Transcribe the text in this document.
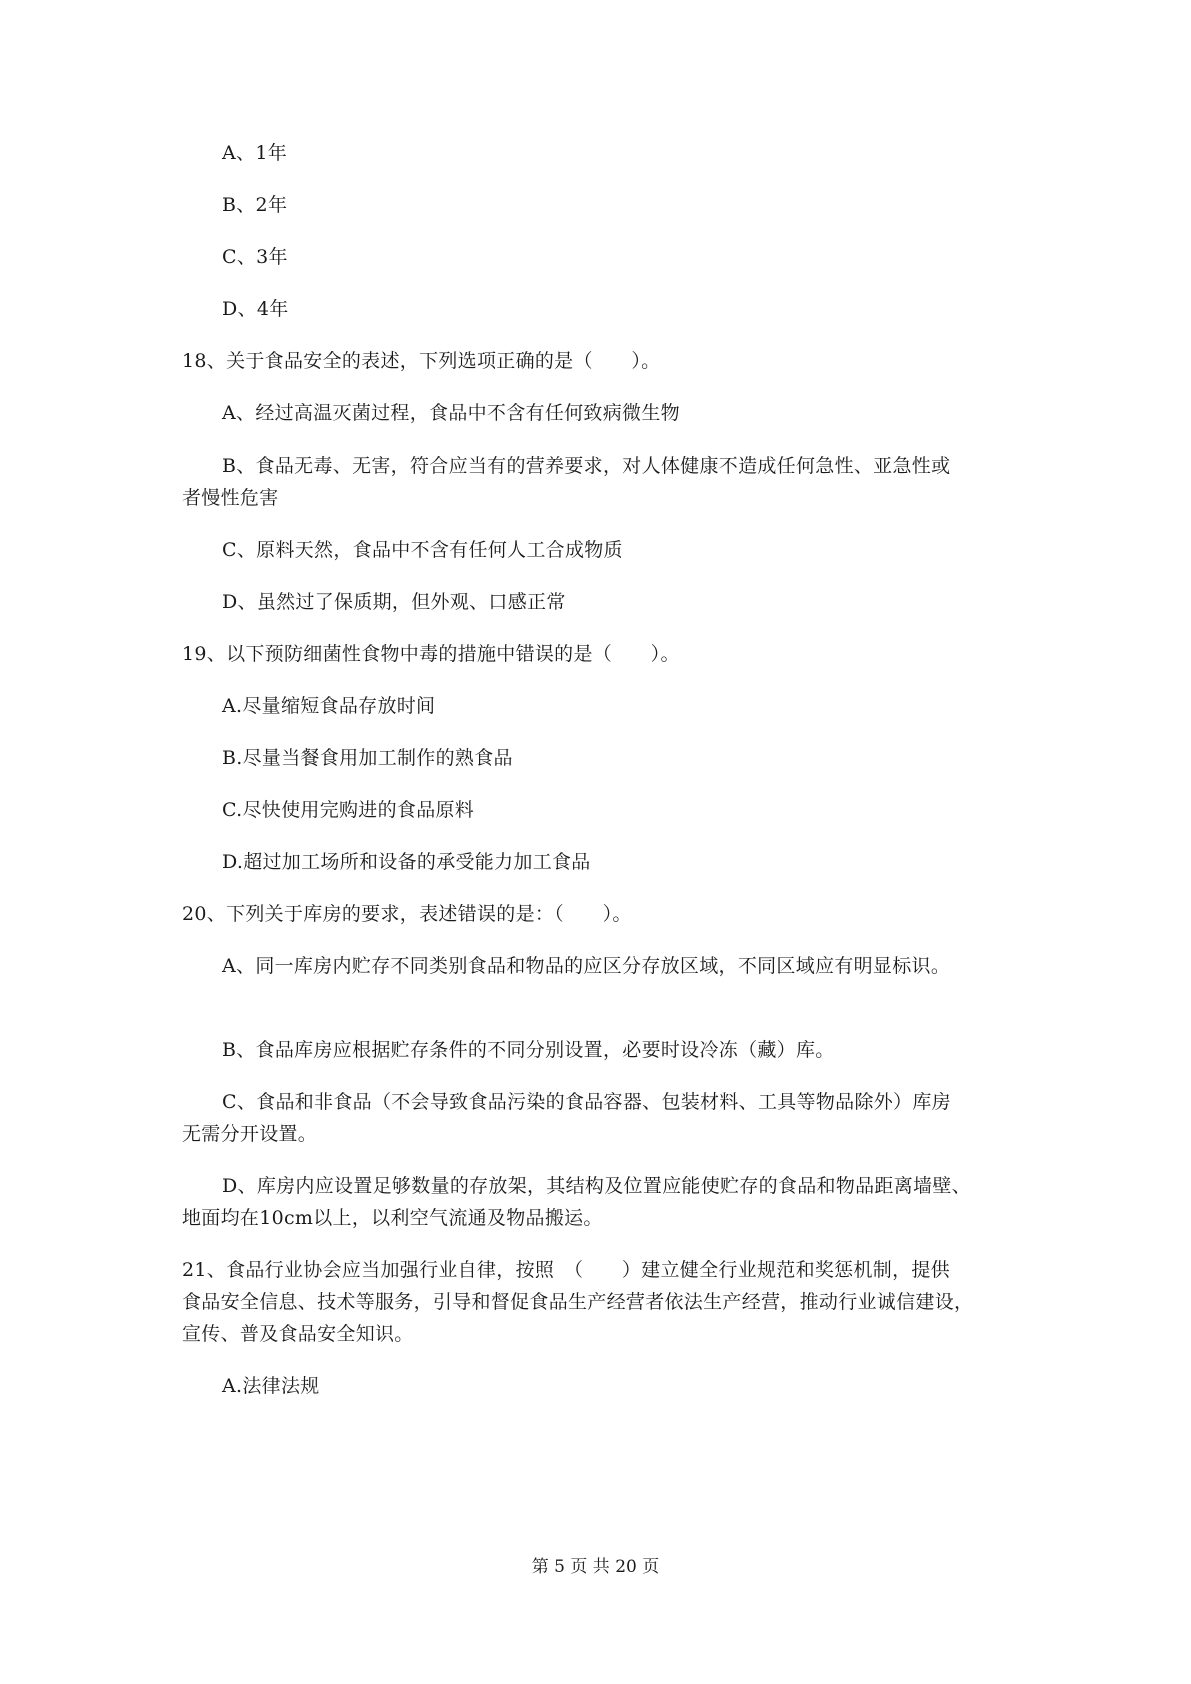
A、1年
B、2年
C、3年
D、4年
18、关于食品安全的表述，下列选项正确的是（　　）。
A、经过高温灭菌过程，食品中不含有任何致病微生物
B、食品无毒、无害，符合应当有的营养要求，对人体健康不造成任何急性、亚急性或
者慢性危害
C、原料天然，食品中不含有任何人工合成物质
D、虽然过了保质期，但外观、口感正常
19、以下预防细菌性食物中毒的措施中错误的是（　　）。
A.尽量缩短食品存放时间
B.尽量当餐食用加工制作的熟食品
C.尽快使用完购进的食品原料
D.超过加工场所和设备的承受能力加工食品
20、下列关于库房的要求，表述错误的是：（　　）。
A、同一库房内贮存不同类别食品和物品的应区分存放区域，不同区域应有明显标识。
B、食品库房应根据贮存条件的不同分别设置，必要时设冷冻（藏）库。
C、食品和非食品（不会导致食品污染的食品容器、包装材料、工具等物品除外）库房
无需分开设置。
D、库房内应设置足够数量的存放架，其结构及位置应能使贮存的食品和物品距离墙壁、
地面均在10cm以上，以利空气流通及物品搬运。
21、食品行业协会应当加强行业自律，按照　（　　）建立健全行业规范和奖惩机制，提供
食品安全信息、技术等服务，引导和督促食品生产经营者依法生产经营，推动行业诚信建设，
宣传、普及食品安全知识。
A.法律法规
第 5 页 共 20 页
